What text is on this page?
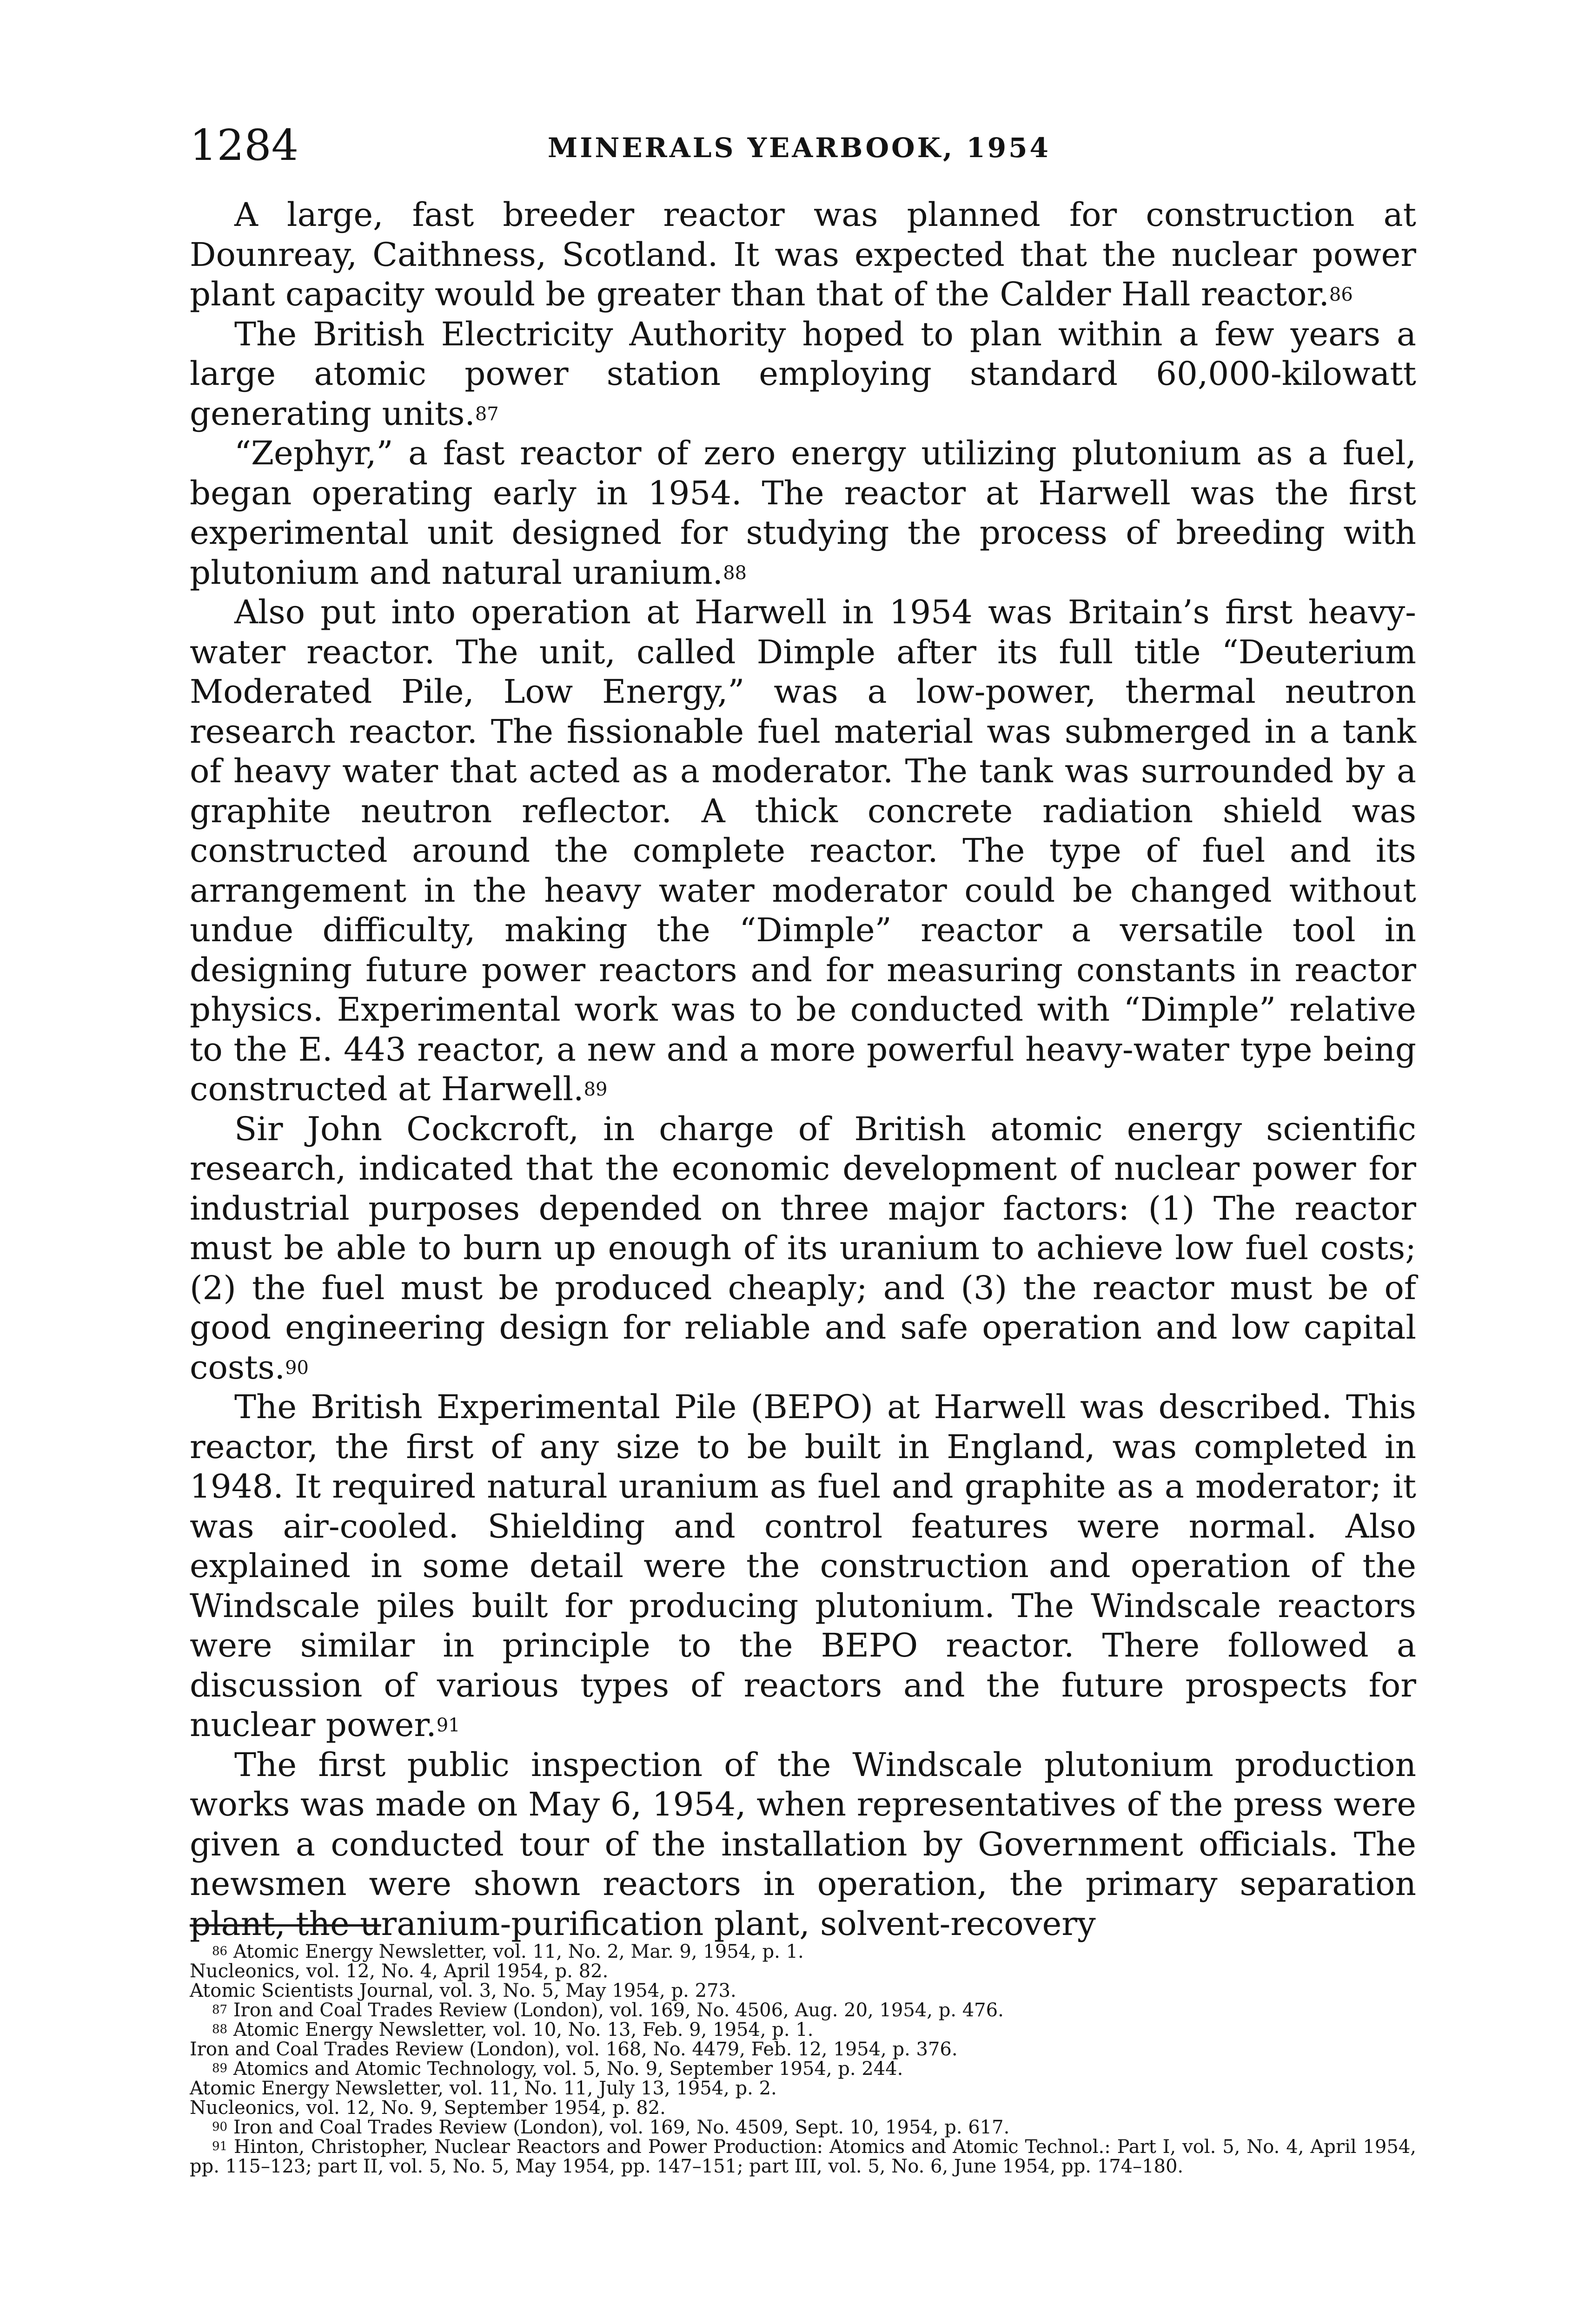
1284	MINERALS YEARBOOK, 1954

A large, fast breeder reactor was planned for construction at Dounreay, Caithness, Scotland. It was expected that the nuclear power plant capacity would be greater than that of the Calder Hall reactor.$^{86}$

The British Electricity Authority hoped to plan within a few years a large atomic power station employing standard 60,000-kilowatt generating units.$^{87}$

“Zephyr,” a fast reactor of zero energy utilizing plutonium as a fuel, began operating early in 1954. The reactor at Harwell was the first experimental unit designed for studying the process of breeding with plutonium and natural uranium.$^{88}$

Also put into operation at Harwell in 1954 was Britain’s first heavy-water reactor. The unit, called Dimple after its full title “Deuterium Moderated Pile, Low Energy,” was a low-power, thermal neutron research reactor. The fissionable fuel material was submerged in a tank of heavy water that acted as a moderator. The tank was surrounded by a graphite neutron reflector. A thick concrete radiation shield was constructed around the complete reactor. The type of fuel and its arrangement in the heavy water moderator could be changed without undue difficulty, making the “Dimple” reactor a versatile tool in designing future power reactors and for measuring constants in reactor physics. Experimental work was to be conducted with “Dimple” relative to the E. 443 reactor, a new and a more powerful heavy-water type being constructed at Harwell.$^{89}$

Sir John Cockcroft, in charge of British atomic energy scientific research, indicated that the economic development of nuclear power for industrial purposes depended on three major factors: (1) The reactor must be able to burn up enough of its uranium to achieve low fuel costs; (2) the fuel must be produced cheaply; and (3) the reactor must be of good engineering design for reliable and safe operation and low capital costs.$^{90}$

The British Experimental Pile (BEPO) at Harwell was described. This reactor, the first of any size to be built in England, was completed in 1948. It required natural uranium as fuel and graphite as a moderator; it was air-cooled. Shielding and control features were normal. Also explained in some detail were the construction and operation of the Windscale piles built for producing plutonium. The Windscale reactors were similar in principle to the BEPO reactor. There followed a discussion of various types of reactors and the future prospects for nuclear power.$^{91}$

The first public inspection of the Windscale plutonium production works was made on May 6, 1954, when representatives of the press were given a conducted tour of the installation by Government officials. The newsmen were shown reactors in operation, the primary separation plant, the uranium-purification plant, solvent-recovery

$^{86}$ Atomic Energy Newsletter, vol. 11, No. 2, Mar. 9, 1954, p. 1.

Nucleonics, vol. 12, No. 4, April 1954, p. 82.

Atomic Scientists Journal, vol. 3, No. 5, May 1954, p. 273.

$^{87}$ Iron and Coal Trades Review (London), vol. 169, No. 4506, Aug. 20, 1954, p. 476.

$^{88}$ Atomic Energy Newsletter, vol. 10, No. 13, Feb. 9, 1954, p. 1.

Iron and Coal Trades Review (London), vol. 168, No. 4479, Feb. 12, 1954, p. 376.

$^{89}$ Atomics and Atomic Technology, vol. 5, No. 9, September 1954, p. 244.

Atomic Energy Newsletter, vol. 11, No. 11, July 13, 1954, p. 2.

Nucleonics, vol. 12, No. 9, September 1954, p. 82.

$^{90}$ Iron and Coal Trades Review (London), vol. 169, No. 4509, Sept. 10, 1954, p. 617.

$^{91}$ Hinton, Christopher, Nuclear Reactors and Power Production: Atomics and Atomic Technol.: Part I, vol. 5, No. 4, April 1954, pp. 115–123; part II, vol. 5, No. 5, May 1954, pp. 147–151; part III, vol. 5, No. 6, June 1954, pp. 174–180.
